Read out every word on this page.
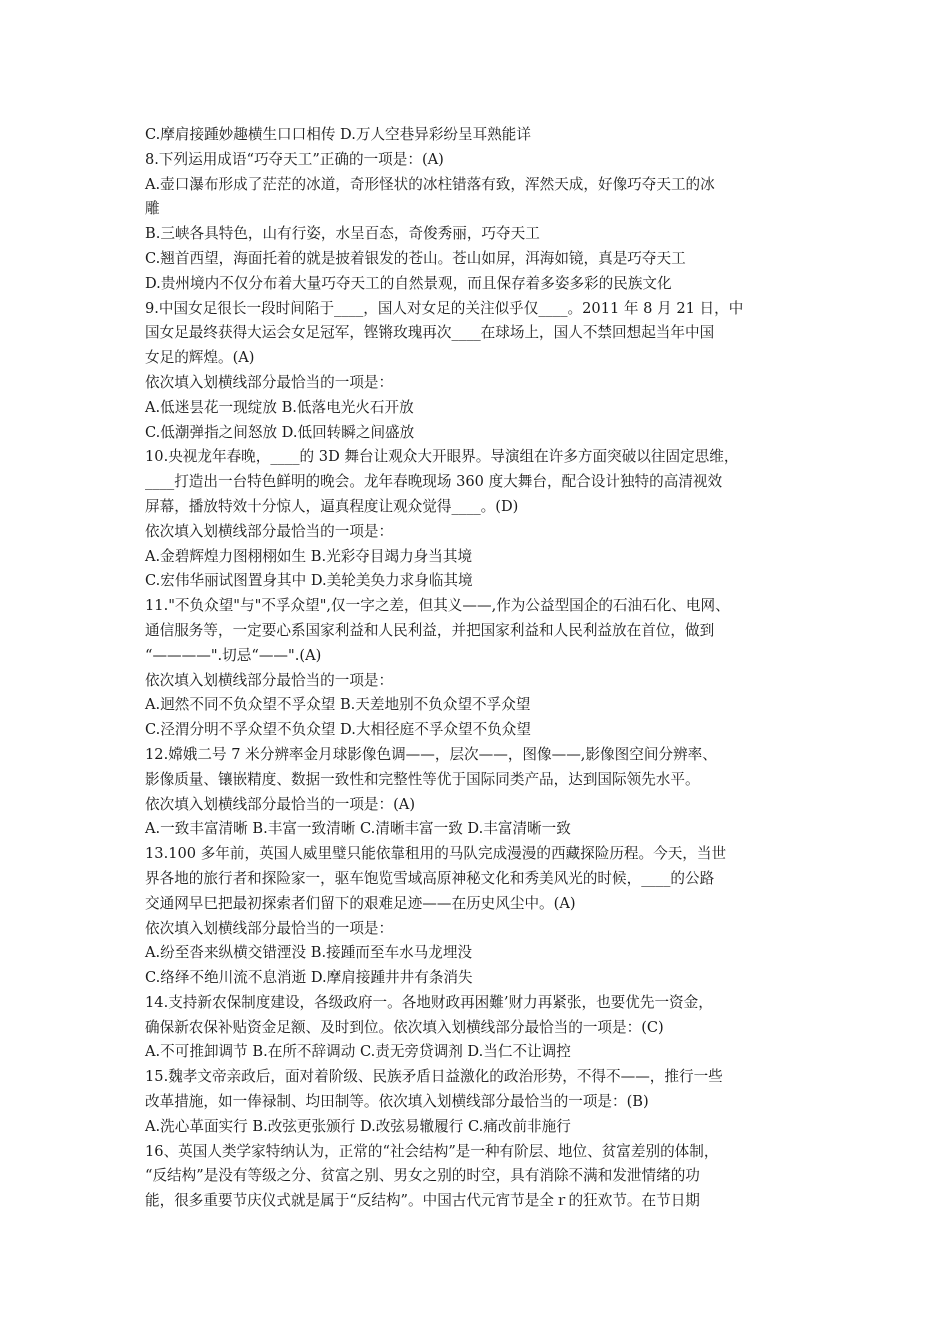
C.摩肩接踵妙趣横生口口相传 D.万人空巷异彩纷呈耳熟能详
8.下列运用成语“巧夺天工”正确的一项是：(A)
A.壶口瀑布形成了茫茫的冰道，奇形怪状的冰柱错落有致，浑然天成，好像巧夺天工的冰
雕
B.三峡各具特色，山有行姿，水呈百态，奇俊秀丽，巧夺天工
C.翘首西望，海面托着的就是披着银发的苍山。苍山如屏，洱海如镜，真是巧夺天工
D.贵州境内不仅分布着大量巧夺天工的自然景观，而且保存着多姿多彩的民族文化
9.中国女足很长一段时间陷于____，国人对女足的关注似乎仅____。2011 年 8 月 21 日，中
国女足最终获得大运会女足冠军，铿锵玫瑰再次____在球场上，国人不禁回想起当年中国
女足的辉煌。(A)
依次填入划横线部分最恰当的一项是：
A.低迷昙花一现绽放 B.低落电光火石开放
C.低潮弹指之间怒放 D.低回转瞬之间盛放
10.央视龙年春晚，____的 3D 舞台让观众大开眼界。导演组在许多方面突破以往固定思维，
____打造出一台特色鲜明的晚会。龙年春晚现场 360 度大舞台，配合设计独特的高清视效
屏幕，播放特效十分惊人，逼真程度让观众觉得____。(D)
依次填入划横线部分最恰当的一项是：
A.金碧辉煌力图栩栩如生 B.光彩夺目竭力身当其境
C.宏伟华丽试图置身其中 D.美轮美奂力求身临其境
11."不负众望"与"不孚众望",仅一字之差，但其义——,作为公益型国企的石油石化、电网、
通信服务等，一定要心系国家利益和人民利益，并把国家利益和人民利益放在首位，做到
“————".切忌“——".(A)
依次填入划横线部分最恰当的一项是：
A.迥然不同不负众望不孚众望 B.天差地别不负众望不孚众望
C.泾渭分明不孚众望不负众望 D.大相径庭不孚众望不负众望
12.嫦娥二号 7 米分辨率金月球影像色调——，层次——，图像——,影像图空间分辨率、
影像质量、镶嵌精度、数据一致性和完整性等优于国际同类产品，达到国际领先水平。
依次填入划横线部分最恰当的一项是：(A)
A.一致丰富清晰 B.丰富一致清晰 C.清晰丰富一致 D.丰富清晰一致
13.100 多年前，英国人威里璧只能依靠租用的马队完成漫漫的西藏探险历程。今天，当世
界各地的旅行者和探险家一，驱车饱览雪域高原神秘文化和秀美风光的时候，____的公路
交通网早巳把最初探索者们留下的艰难足迹——在历史风尘中。(A)
依次填入划横线部分最恰当的一项是：
A.纷至沓来纵横交错湮没 B.接踵而至车水马龙埋没
C.络绎不绝川流不息消逝 D.摩肩接踵井井有条消失
14.支持新农保制度建设，各级政府一。各地财政再困難’财力再紧张，也要优先一资金，
确保新农保补贴资金足额、及时到位。依次填入划横线部分最恰当的一项是：(C)
A.不可推卸调节 B.在所不辞调动 C.责无旁贷调剂 D.当仁不让调控
15.魏孝文帝亲政后，面对着阶级、民族矛盾日益激化的政治形势，不得不——，推行一些
改革措施，如一俸禄制、均田制等。依次填入划横线部分最恰当的一项是：(B)
A.洗心革面实行 B.改弦更张颁行 D.改弦易辙履行 C.痛改前非施行
16、英国人类学家特纳认为，正常的“社会结构”是一种有阶层、地位、贫富差别的体制，
“反结构”是没有等级之分、贫富之别、男女之别的时空，具有消除不满和发泄情绪的功
能，很多重要节庆仪式就是属于“反结构”。中国古代元宵节是全ｒ的狂欢节。在节日期
